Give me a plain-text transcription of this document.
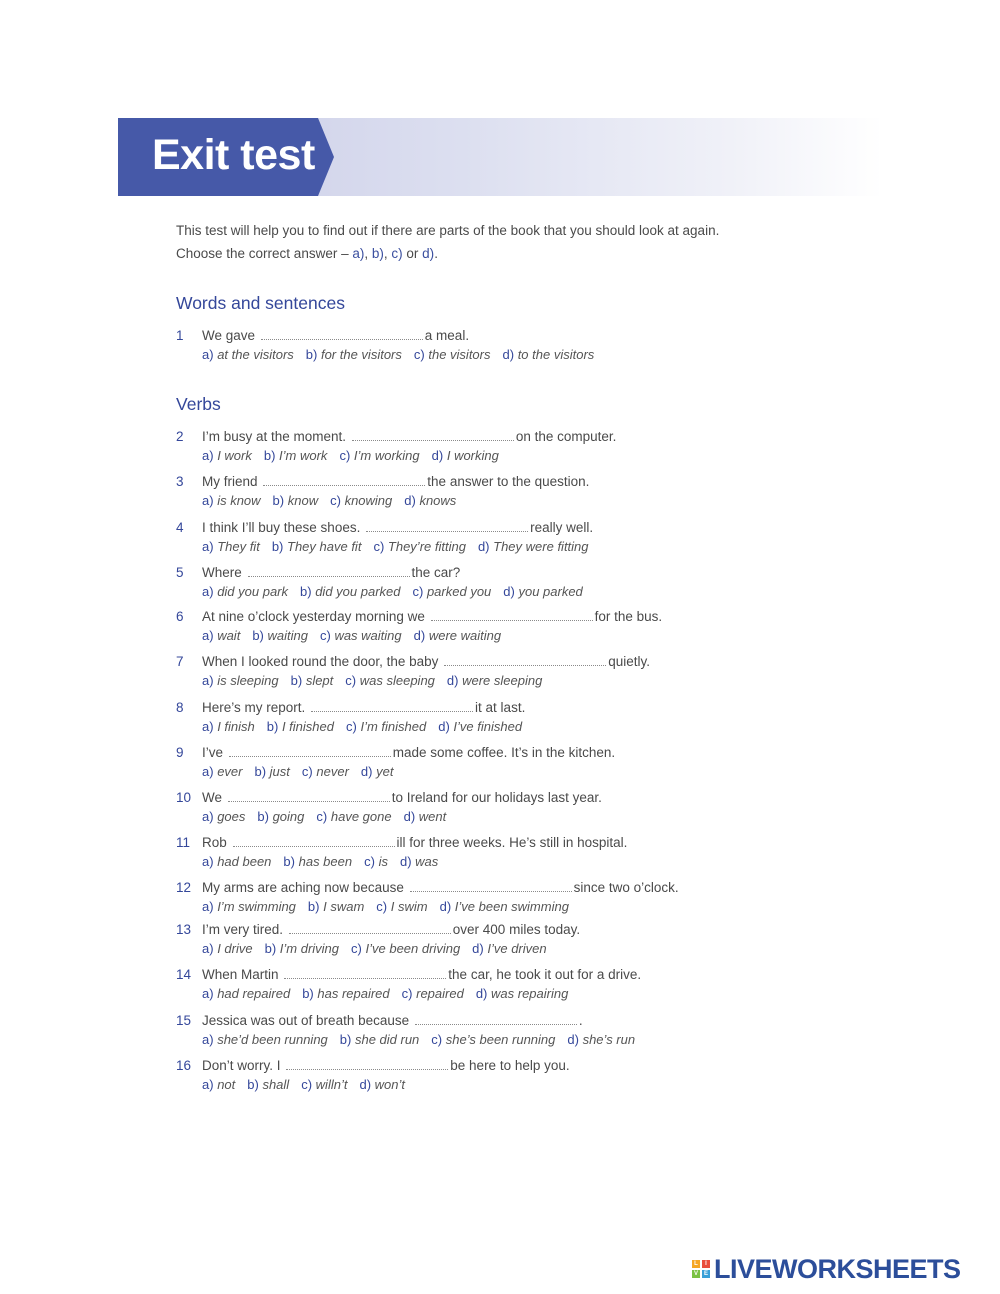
Exit test

This test will help you to find out if there are parts of the book that you should look at again.

Choose the correct answer – a), b), c) or d).

Words and sentences
1 We gave	a meal.
a) at the visitors b) for the visitors c) the visitors d) to the visitors
Verbs
2 I’m busy at the moment.	on the computer.
a) I work b) I’m work c) I’m working d) I working
3 My friend	the answer to the question.
a) is know b) know c) knowing d) knows
4 I think I’ll buy these shoes.	really well.
a) They fit b) They have fit c) They’re fitting d) They were fitting
5 Where	the car?
a) did you park b) did you parked c) parked you d) you parked
6 At nine o’clock yesterday morning we	for the bus.
a) wait b) waiting c) was waiting d) were waiting
7 When I looked round the door, the baby	quietly.
a) is sleeping b) slept c) was sleeping d) were sleeping
8 Here’s my report.	it at last.
a) I finish b) I finished c) I’m finished d) I’ve finished
9 I’ve	made some coffee. It’s in the kitchen.
a) ever b) just c) never d) yet
10 We	to Ireland for our holidays last year.
a) goes b) going c) have gone d) went
11 Rob	ill for three weeks. He’s still in hospital.
a) had been b) has been c) is d) was
12 My arms are aching now because	since two o’clock.
a) I’m swimming b) I swam c) I swim d) I’ve been swimming
13 I’m very tired.	over 400 miles today.
a) I drive b) I’m driving c) I’ve been driving d) I’ve driven
14 When Martin	the car, he took it out for a drive.
a) had repaired b) has repaired c) repaired d) was repairing
15 Jessica was out of breath because	.
a) she’d been running b) she did run c) she’s been running d) she’s run
16 Don’t worry. I	be here to help you.
a) not b) shall c) willn’t d) won’t
L	I
V E LIVEWORKSHEETS
